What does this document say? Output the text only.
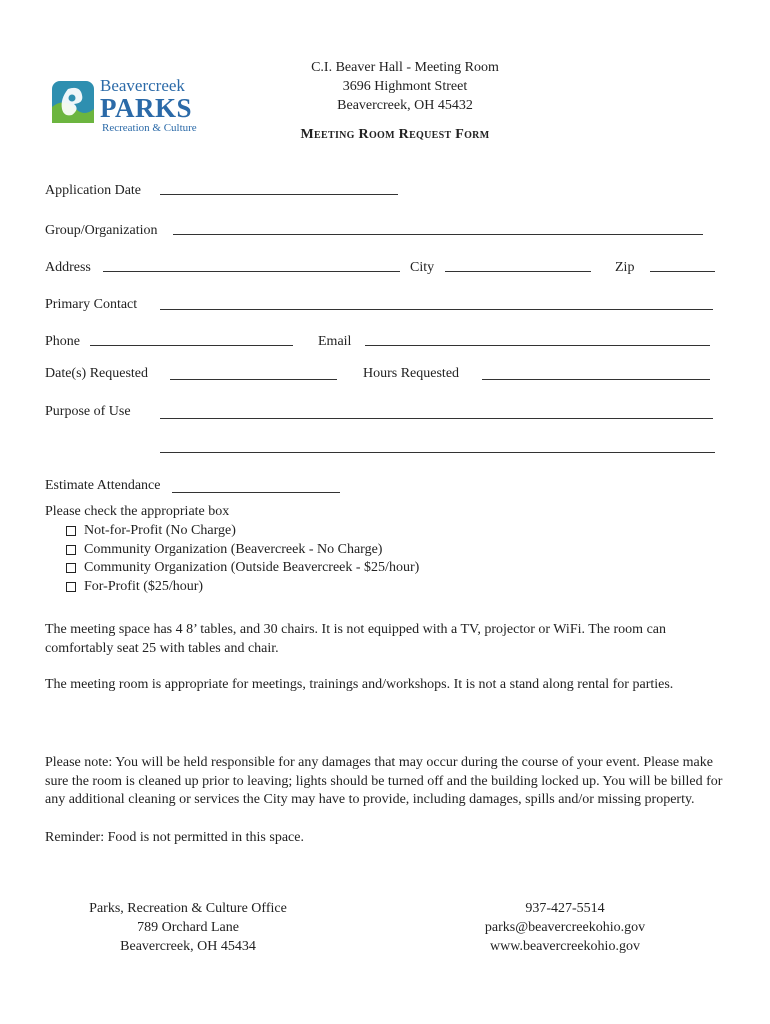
Beavercreek
PARKS
Recreation & Culture
C.I. Beaver Hall - Meeting Room
3696 Highmont Street
Beavercreek, OH 45432
Meeting Room Request Form
Application Date
Group/Organization
Address	City	Zip
Primary Contact
Phone	Email
Date(s) Requested	Hours Requested
Purpose of Use
Estimate Attendance
Please check the appropriate box
Not-for-Profit (No Charge)
Community Organization (Beavercreek - No Charge)
Community Organization (Outside Beavercreek - $25/hour)
For-Profit ($25/hour)
The meeting space has 4 8’ tables, and 30 chairs. It is not equipped with a TV, projector or WiFi. The room can comfortably seat 25 with tables and chair.
The meeting room is appropriate for meetings, trainings and/workshops. It is not a stand along rental for parties.
Please note: You will be held responsible for any damages that may occur during the course of your event. Please make sure the room is cleaned up prior to leaving; lights should be turned off and the building locked up. You will be billed for any additional cleaning or services the City may have to provide, including damages, spills and/or missing property.
Reminder: Food is not permitted in this space.
Parks, Recreation & Culture Office
789 Orchard Lane
Beavercreek, OH 45434
937-427-5514
parks@beavercreekohio.gov
www.beavercreekohio.gov
